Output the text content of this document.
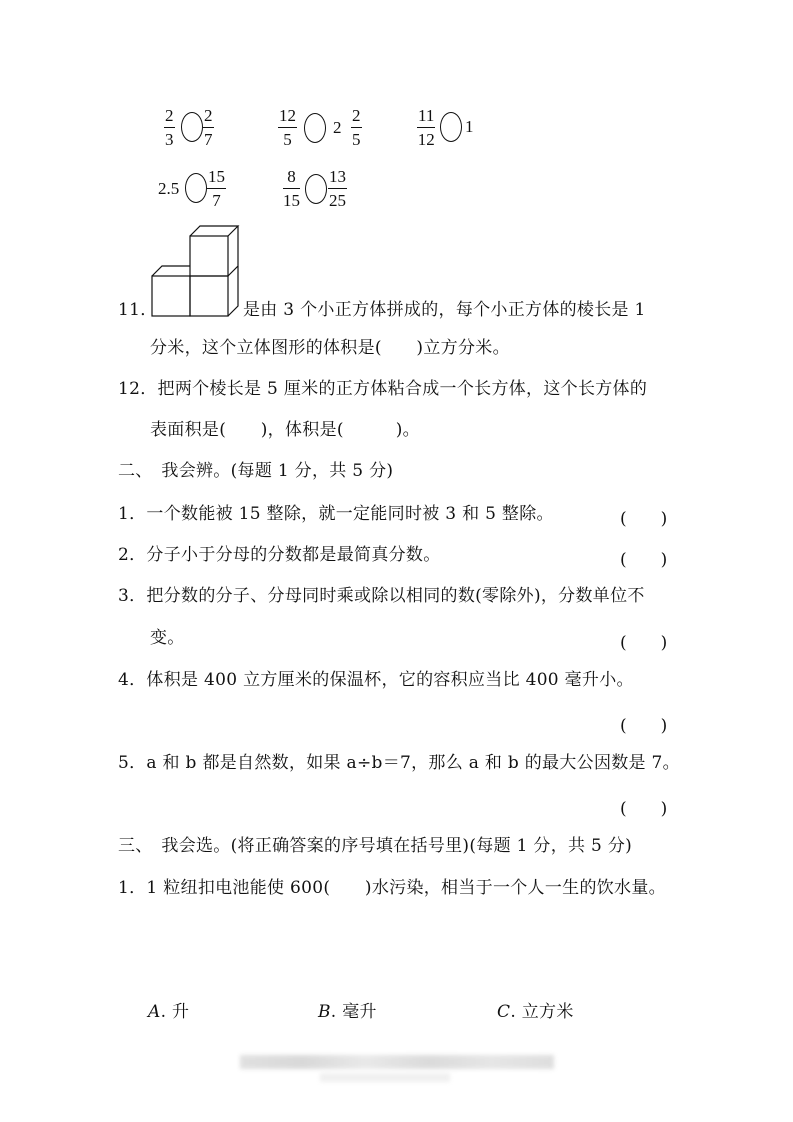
2
3
2
7
12
5
2
2
5
11
12
1
2.5
15
7
8
15
13
25
11．	是由 3 个小正方体拼成的，每个小正方体的棱长是 1
分米，这个立体图形的体积是(　　)立方分米。
12．把两个棱长是 5 厘米的正方体粘合成一个长方体，这个长方体的
表面积是(　　)，体积是(　　　)。
二、　我会辨。(每题 1 分，共 5 分)
1．一个数能被 15 整除，就一定能同时被 3 和 5 整除。	(　　)
2．分子小于分母的分数都是最简真分数。	(　　)
3．把分数的分子、分母同时乘或除以相同的数(零除外)，分数单位不
变。	(　　)
4．体积是 400 立方厘米的保温杯，它的容积应当比 400 毫升小。
(　　)
5．a 和 b 都是自然数，如果 a÷b＝7，那么 a 和 b 的最大公因数是 7。
(　　)
三、　我会选。(将正确答案的序号填在括号里)(每题 1 分，共 5 分)
1．1 粒纽扣电池能使 600(　　)水污染，相当于一个人一生的饮水量。
A. 升	B. 毫升	C. 立方米
